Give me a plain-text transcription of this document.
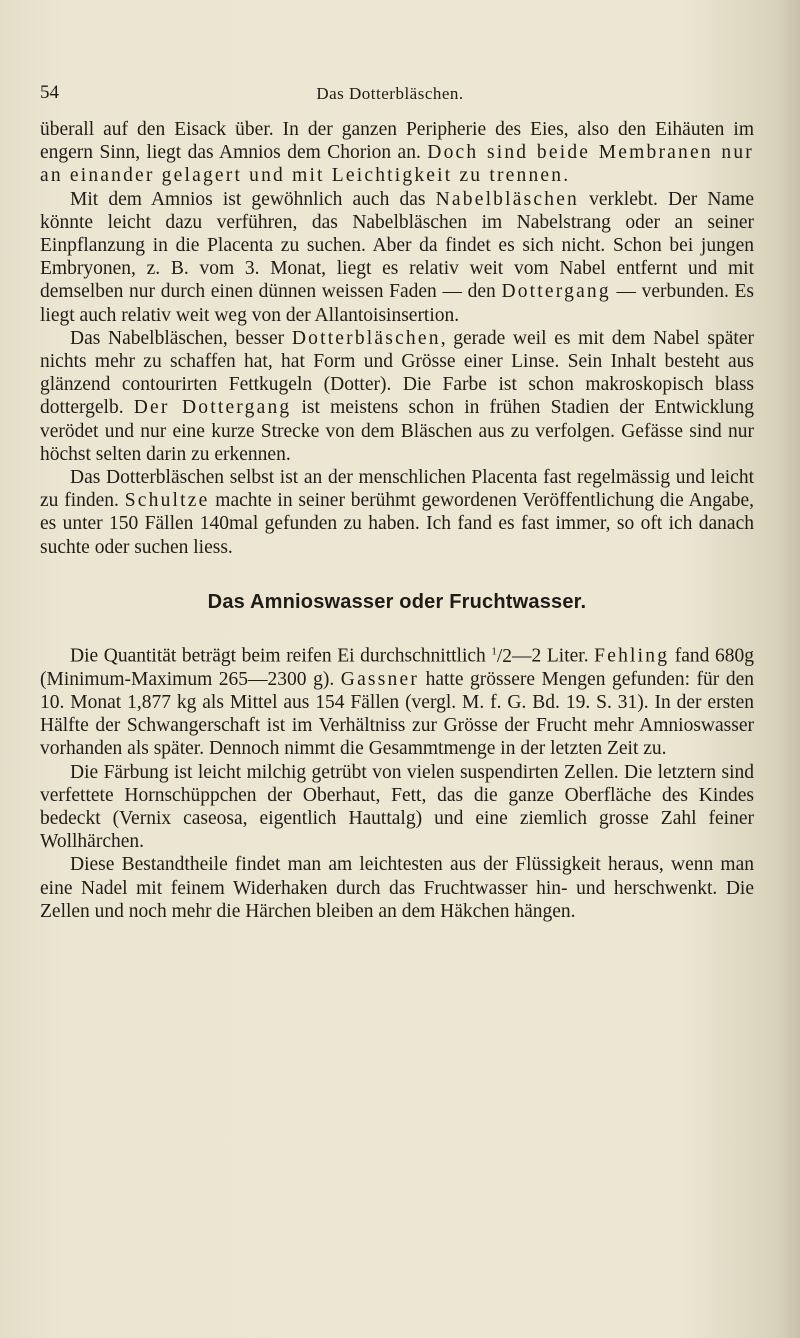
54	Das Dotterbläschen.

überall auf den Eisack über. In der ganzen Peripherie des Eies, also den Eihäuten im engern Sinn, liegt das Amnios dem Chorion an. Doch sind beide Membranen nur an einander gelagert und mit Leichtigkeit zu trennen.

Mit dem Amnios ist gewöhnlich auch das Nabelbläschen verklebt. Der Name könnte leicht dazu verführen, das Nabelbläschen im Nabelstrang oder an seiner Einpflanzung in die Placenta zu suchen. Aber da findet es sich nicht. Schon bei jungen Embryonen, z. B. vom 3. Monat, liegt es relativ weit vom Nabel entfernt und mit demselben nur durch einen dünnen weissen Faden — den Dottergang — verbunden. Es liegt auch relativ weit weg von der Allantoisinsertion.

Das Nabelbläschen, besser Dotterbläschen, gerade weil es mit dem Nabel später nichts mehr zu schaffen hat, hat Form und Grösse einer Linse. Sein Inhalt besteht aus glänzend contourirten Fettkugeln (Dotter). Die Farbe ist schon makroskopisch blass dottergelb. Der Dottergang ist meistens schon in frühen Stadien der Entwicklung verödet und nur eine kurze Strecke von dem Bläschen aus zu verfolgen. Gefässe sind nur höchst selten darin zu erkennen.

Das Dotterbläschen selbst ist an der menschlichen Placenta fast regelmässig und leicht zu finden. Schultze machte in seiner berühmt gewordenen Veröffentlichung die Angabe, es unter 150 Fällen 140mal gefunden zu haben. Ich fand es fast immer, so oft ich danach suchte oder suchen liess.

Das Amnioswasser oder Fruchtwasser.

Die Quantität beträgt beim reifen Ei durchschnittlich $^1$/2—2 Liter. Fehling fand 680g (Minimum-Maximum 265—2300 g). Gassner hatte grössere Mengen gefunden: für den 10. Monat 1,877 kg als Mittel aus 154 Fällen (vergl. M. f. G. Bd. 19. S. 31). In der ersten Hälfte der Schwangerschaft ist im Verhältniss zur Grösse der Frucht mehr Amnioswasser vorhanden als später. Dennoch nimmt die Gesammtmenge in der letzten Zeit zu.

Die Färbung ist leicht milchig getrübt von vielen suspendirten Zellen. Die letztern sind verfettete Hornschüppchen der Oberhaut, Fett, das die ganze Oberfläche des Kindes bedeckt (Vernix caseosa, eigentlich Hauttalg) und eine ziemlich grosse Zahl feiner Wollhärchen.

Diese Bestandtheile findet man am leichtesten aus der Flüssigkeit heraus, wenn man eine Nadel mit feinem Widerhaken durch das Fruchtwasser hin- und herschwenkt. Die Zellen und noch mehr die Härchen bleiben an dem Häkchen hängen.
